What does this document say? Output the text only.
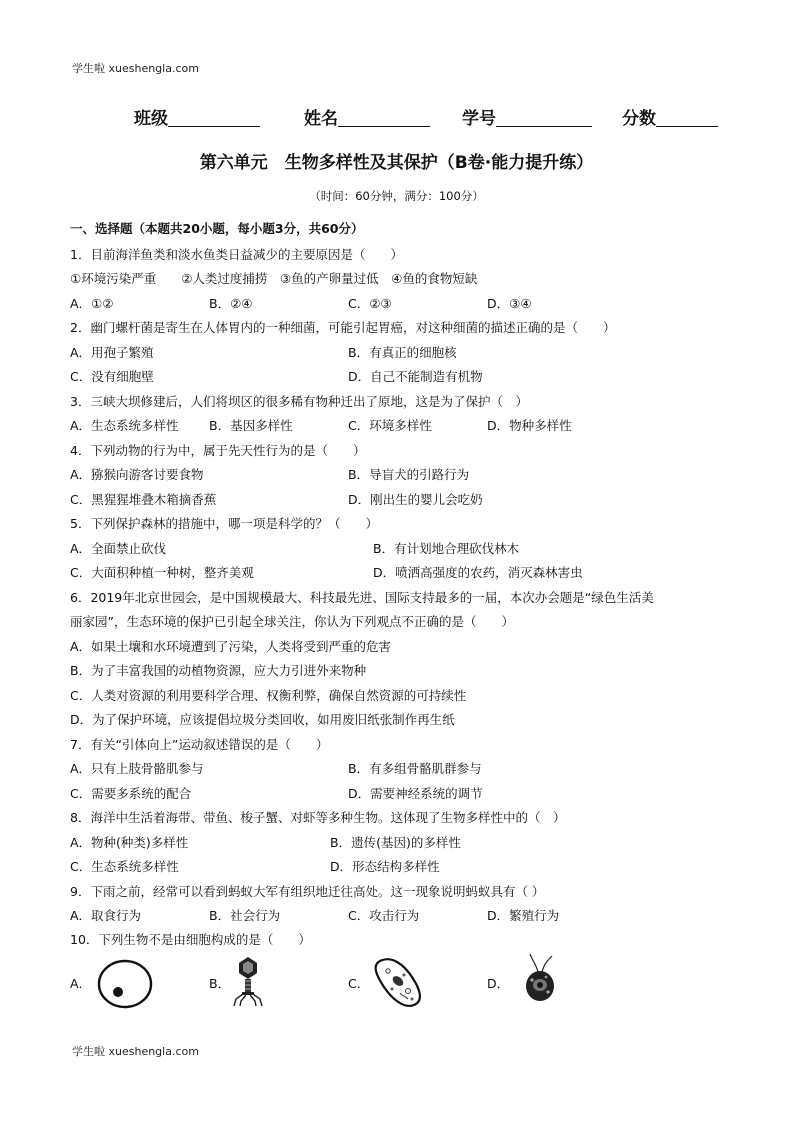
学生啦 xueshengla.com
学生啦 xueshengla.com
班级	姓名	学号	分数
第六单元　生物多样性及其保护（B卷·能力提升练）
（时间：60分钟，满分：100分）
一、选择题（本题共20小题，每小题3分，共60分）
1．目前海洋鱼类和淡水鱼类日益减少的主要原因是（　　）
①环境污染严重　　②人类过度捕捞　③鱼的产卵量过低　④鱼的食物短缺
A．①②	B．②④	C．②③	D．③④
2．幽门螺杆菌是寄生在人体胃内的一种细菌，可能引起胃癌，对这种细菌的描述正确的是（　　）
A．用孢子繁殖	B．有真正的细胞核
C．没有细胞壁	D．自己不能制造有机物
3．三峡大坝修建后，人们将坝区的很多稀有物种迁出了原地，这是为了保护（　）
A．生态系统多样性 B．基因多样性	C．环境多样性	D．物种多样性
4．下列动物的行为中，属于先天性行为的是（　　）
A．猕猴向游客讨要食物	B．导盲犬的引路行为
C．黑猩猩堆叠木箱摘香蕉	D．刚出生的婴儿会吃奶
5．下列保护森林的措施中，哪一项是科学的？（　　）
A．全面禁止砍伐	B．有计划地合理砍伐林木
C．大面积种植一种树，整齐美观	D．喷洒高强度的农药，消灭森林害虫
6．2019年北京世园会，是中国规模最大、科技最先进、国际支持最多的一届，本次办会题是“绿色生活美
丽家园”，生态环境的保护已引起全球关注，你认为下列观点不正确的是（　　）
A．如果土壤和水环境遭到了污染，人类将受到严重的危害
B．为了丰富我国的动植物资源，应大力引进外来物种
C．人类对资源的利用要科学合理、权衡利弊，确保自然资源的可持续性
D．为了保护环境，应该提倡垃圾分类回收，如用废旧纸张制作再生纸
7．有关“引体向上”运动叙述错误的是（　　）
A．只有上肢骨骼肌参与	B．有多组骨骼肌群参与
C．需要多系统的配合	D．需要神经系统的调节
8．海洋中生活着海带、带鱼、梭子蟹、对虾等多种生物。这体现了生物多样性中的（　）
A．物种(种类)多样性	B．遗传(基因)的多样性
C．生态系统多样性	D．形态结构多样性
9．下雨之前，经常可以看到蚂蚁大军有组织地迁往高处。这一现象说明蚂蚁具有（ ）
A．取食行为	B．社会行为	C．攻击行为	D．繁殖行为
10．下列生物不是由细胞构成的是（　　）
A．	B．	C．	D．
